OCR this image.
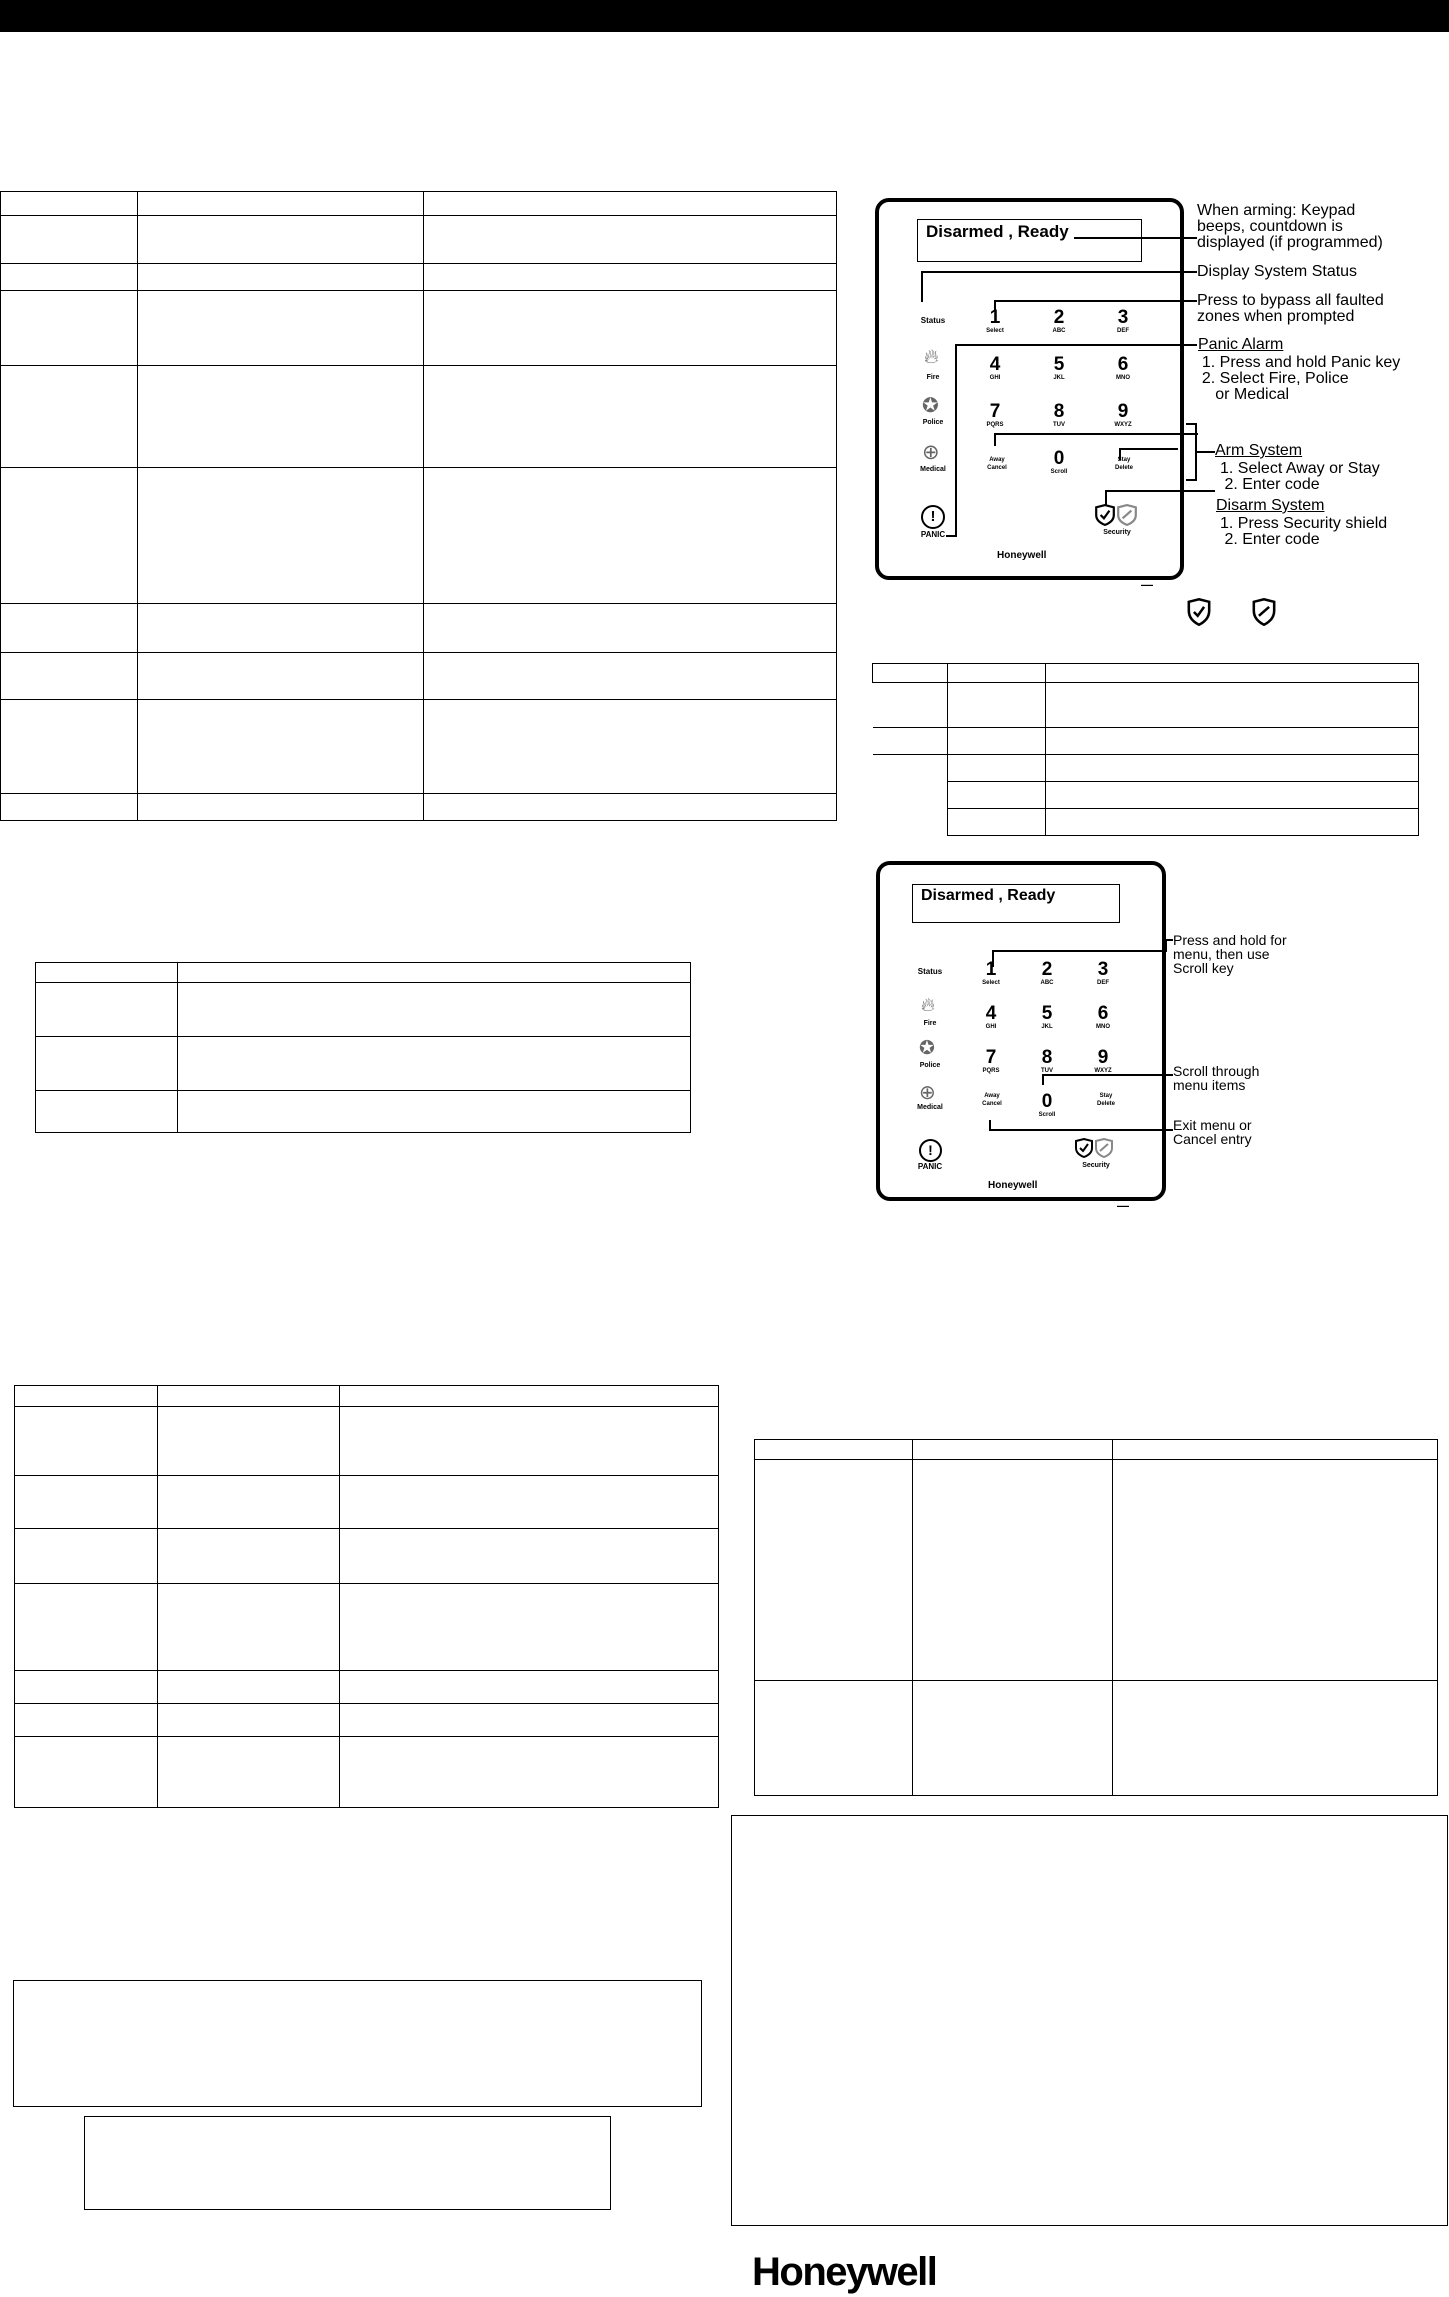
Disarmed , Ready
Status
🔥︎
Fire
✪
Police
⊕
Medical
!
PANIC
1
Select
2
ABC
3
DEF
4
GHI
5
JKL
6
MNO
7
PQRS
8
TUV
9
WXYZ
0
Scroll
Away
Cancel
Stay
Delete
Security
Honeywell
When arming: Keypad
beeps, countdown is
displayed (if programmed)
Display System Status
Press to bypass all faulted
zones when prompted
Panic Alarm
1. Press and hold Panic key
2. Select Fire, Police
or Medical
Arm System
1. Select Away or Stay
2. Enter code
Disarm System
1. Press Security shield
2. Enter code
▬▬▬

Disarmed , Ready
Status
🔥︎
Fire
✪
Police
⊕
Medical
!
PANIC
1
Select
2
ABC
3
DEF
4
GHI
5
JKL
6
MNO
7
PQRS
8
TUV
9
WXYZ
0
Scroll
Away
Cancel
Stay
Delete
Security
Honeywell
▬▬▬
Press and hold for
menu, then use
Scroll key
Scroll through
menu items
Exit menu or
Cancel entry

Honeywell
